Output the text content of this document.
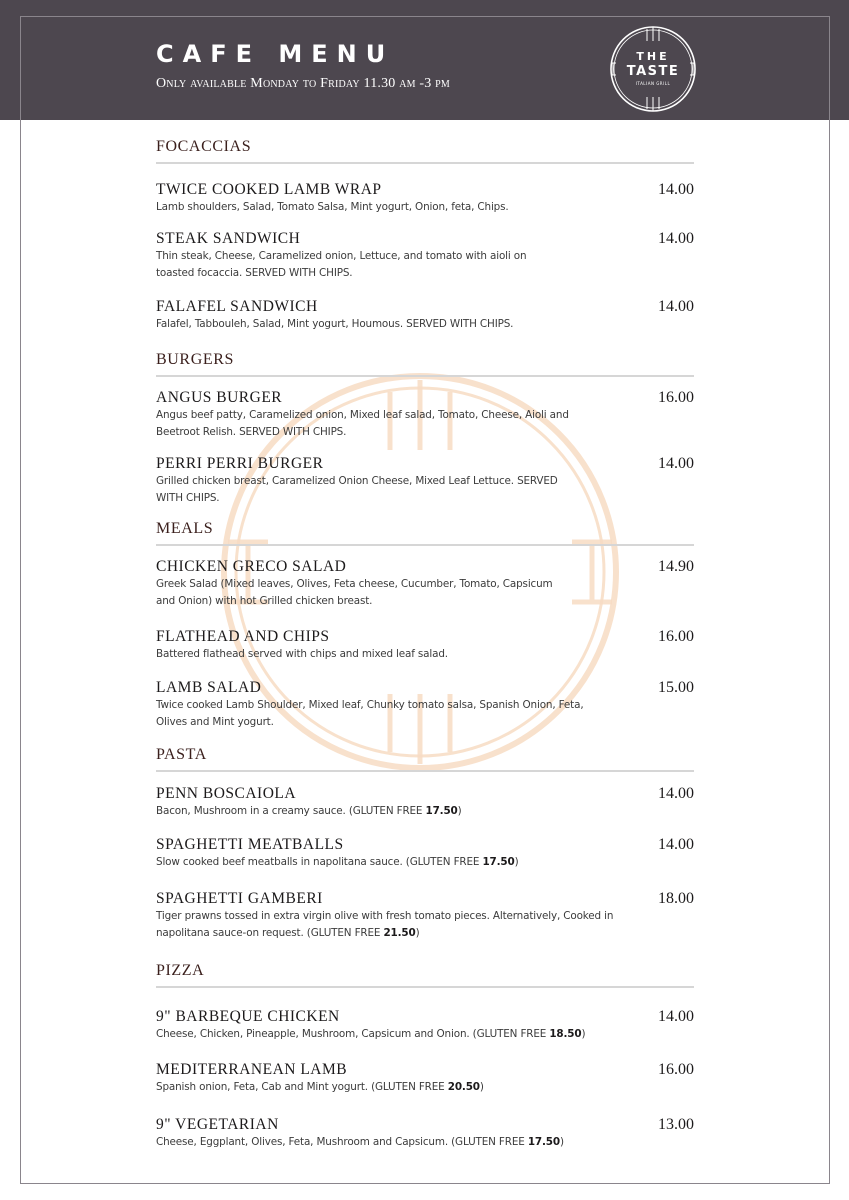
CAFE MENU
Only available Monday to Friday 11.30 am -3 pm
THE
TASTE
ITALIAN GRILL
FOCACCIAS
TWICE COOKED LAMB WRAP	14.00
Lamb shoulders, Salad, Tomato Salsa, Mint yogurt, Onion, feta, Chips.
STEAK SANDWICH	14.00
Thin steak, Cheese, Caramelized onion, Lettuce, and tomato with aioli on toasted focaccia. SERVED WITH CHIPS.
FALAFEL SANDWICH	14.00
Falafel, Tabbouleh, Salad, Mint yogurt, Houmous. SERVED WITH CHIPS.
BURGERS
ANGUS BURGER	16.00
Angus beef patty, Caramelized onion, Mixed leaf salad, Tomato, Cheese, Aioli and Beetroot Relish. SERVED WITH CHIPS.
PERRI PERRI BURGER	14.00
Grilled chicken breast, Caramelized Onion Cheese, Mixed Leaf Lettuce. SERVED WITH CHIPS.
MEALS
CHICKEN GRECO SALAD	14.90
Greek Salad (Mixed leaves, Olives, Feta cheese, Cucumber, Tomato, Capsicum and Onion) with hot Grilled chicken breast.
FLATHEAD AND CHIPS	16.00
Battered flathead served with chips and mixed leaf salad.
LAMB SALAD	15.00
Twice cooked Lamb Shoulder, Mixed leaf, Chunky tomato salsa, Spanish Onion, Feta, Olives and Mint yogurt.
PASTA
PENN BOSCAIOLA	14.00
Bacon, Mushroom in a creamy sauce. (GLUTEN FREE 17.50)
SPAGHETTI MEATBALLS	14.00
Slow cooked beef meatballs in napolitana sauce. (GLUTEN FREE 17.50)
SPAGHETTI GAMBERI	18.00
Tiger prawns tossed in extra virgin olive with fresh tomato pieces. Alternatively, Cooked in napolitana sauce-on request. (GLUTEN FREE 21.50)
PIZZA
9" BARBEQUE CHICKEN	14.00
Cheese, Chicken, Pineapple, Mushroom, Capsicum and Onion. (GLUTEN FREE 18.50)
MEDITERRANEAN LAMB	16.00
Spanish onion, Feta, Cab and Mint yogurt. (GLUTEN FREE 20.50)
9" VEGETARIAN	13.00
Cheese, Eggplant, Olives, Feta, Mushroom and Capsicum. (GLUTEN FREE 17.50)
